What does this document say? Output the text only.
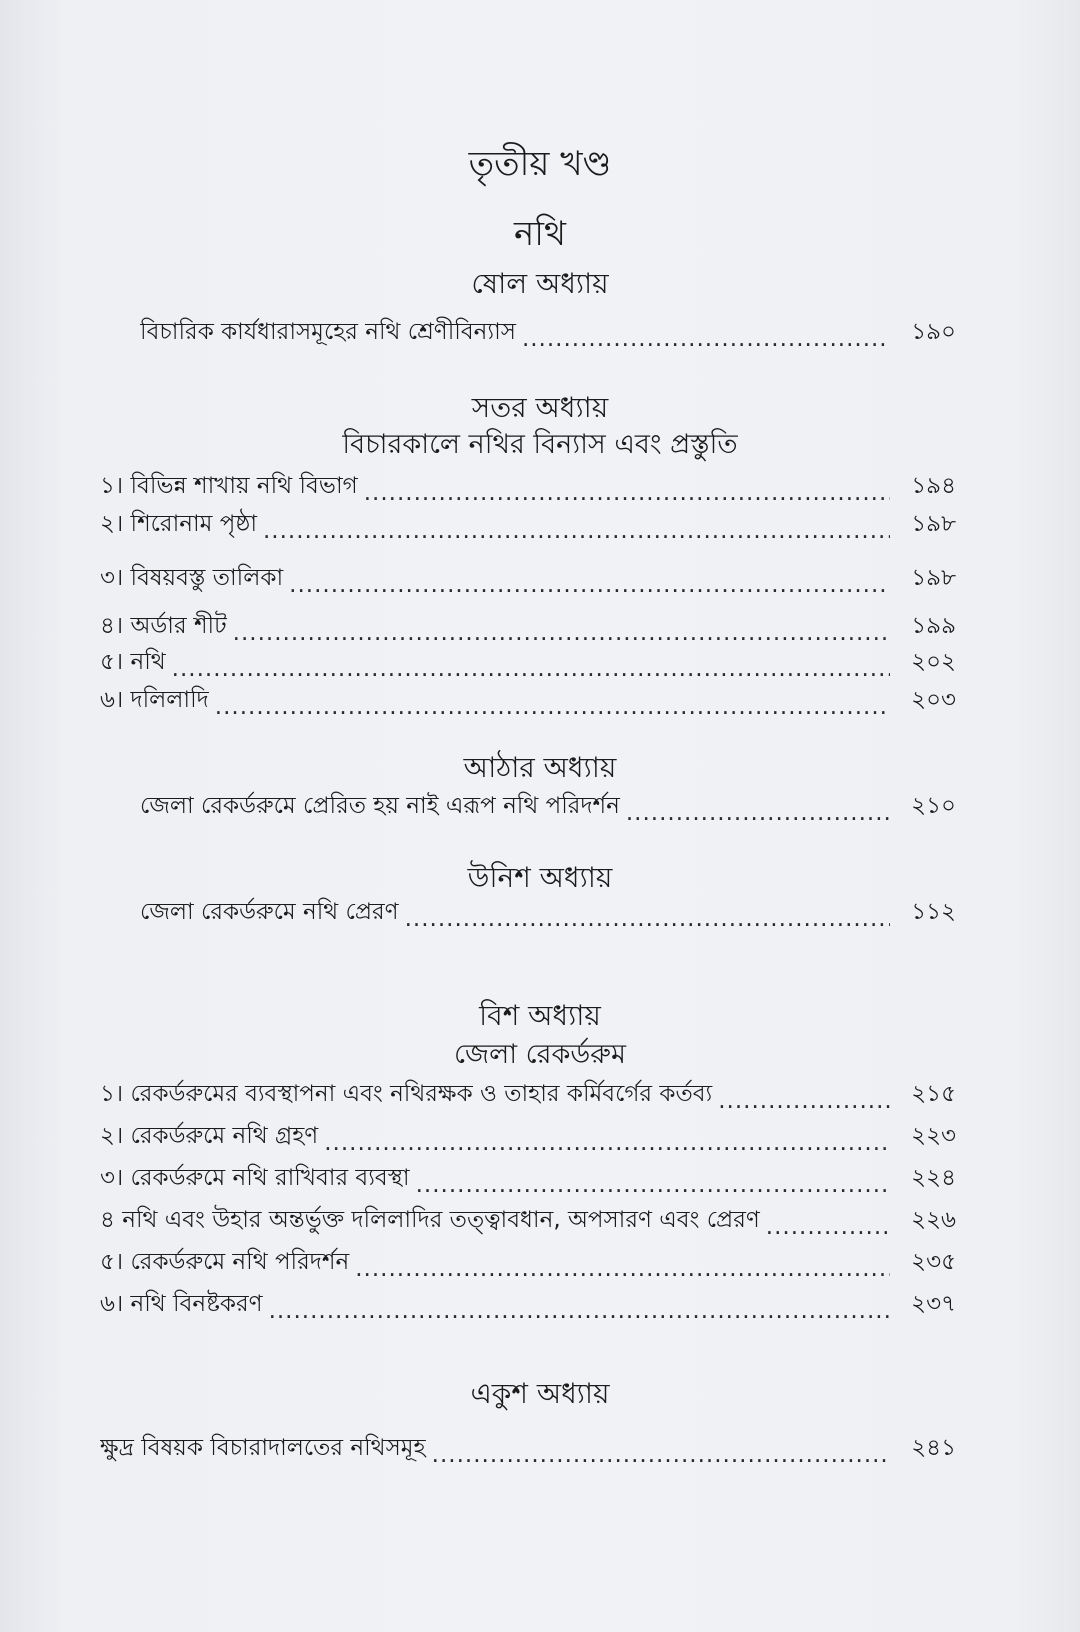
তৃতীয় খণ্ড
নথি
ষোল অধ্যায়
বিচারিক কার্যধারাসমূহের নথি শ্রেণীবিন্যাস .....	১৯০
সতর অধ্যায়
বিচারকালে নথির বিন্যাস এবং প্রস্তুতি
১। বিভিন্ন শাখায় নথি বিভাগ .....	১৯৪
২। শিরোনাম পৃষ্ঠা .....	১৯৮
৩। বিষয়বস্তু তালিকা .....	১৯৮
৪। অর্ডার শীট .....	১৯৯
৫। নথি .....	২০২
৬। দলিলাদি .....	২০৩
আঠার অধ্যায়
জেলা রেকর্ডরুমে প্রেরিত হয় নাই এরূপ নথি পরিদর্শন .....	২১০
উনিশ অধ্যায়
জেলা রেকর্ডরুমে নথি প্রেরণ .....	১১২
বিশ অধ্যায়
জেলা রেকর্ডরুম
১। রেকর্ডরুমের ব্যবস্থাপনা এবং নথিরক্ষক ও তাহার কর্মিবর্গের কর্তব্য .....	২১৫
২। রেকর্ডরুমে নথি গ্রহণ .....	২২৩
৩। রেকর্ডরুমে নথি রাখিবার ব্যবস্থা .....	২২৪
৪ নথি এবং উহার অন্তর্ভুক্ত দলিলাদির তত্ত্বাবধান, অপসারণ এবং প্রেরণ .....	২২৬
৫। রেকর্ডরুমে নথি পরিদর্শন .....	২৩৫
৬। নথি বিনষ্টকরণ .....	২৩৭
একুশ অধ্যায়
ক্ষুদ্র বিষয়ক বিচারাদালতের নথিসমূহ .....	২৪১
